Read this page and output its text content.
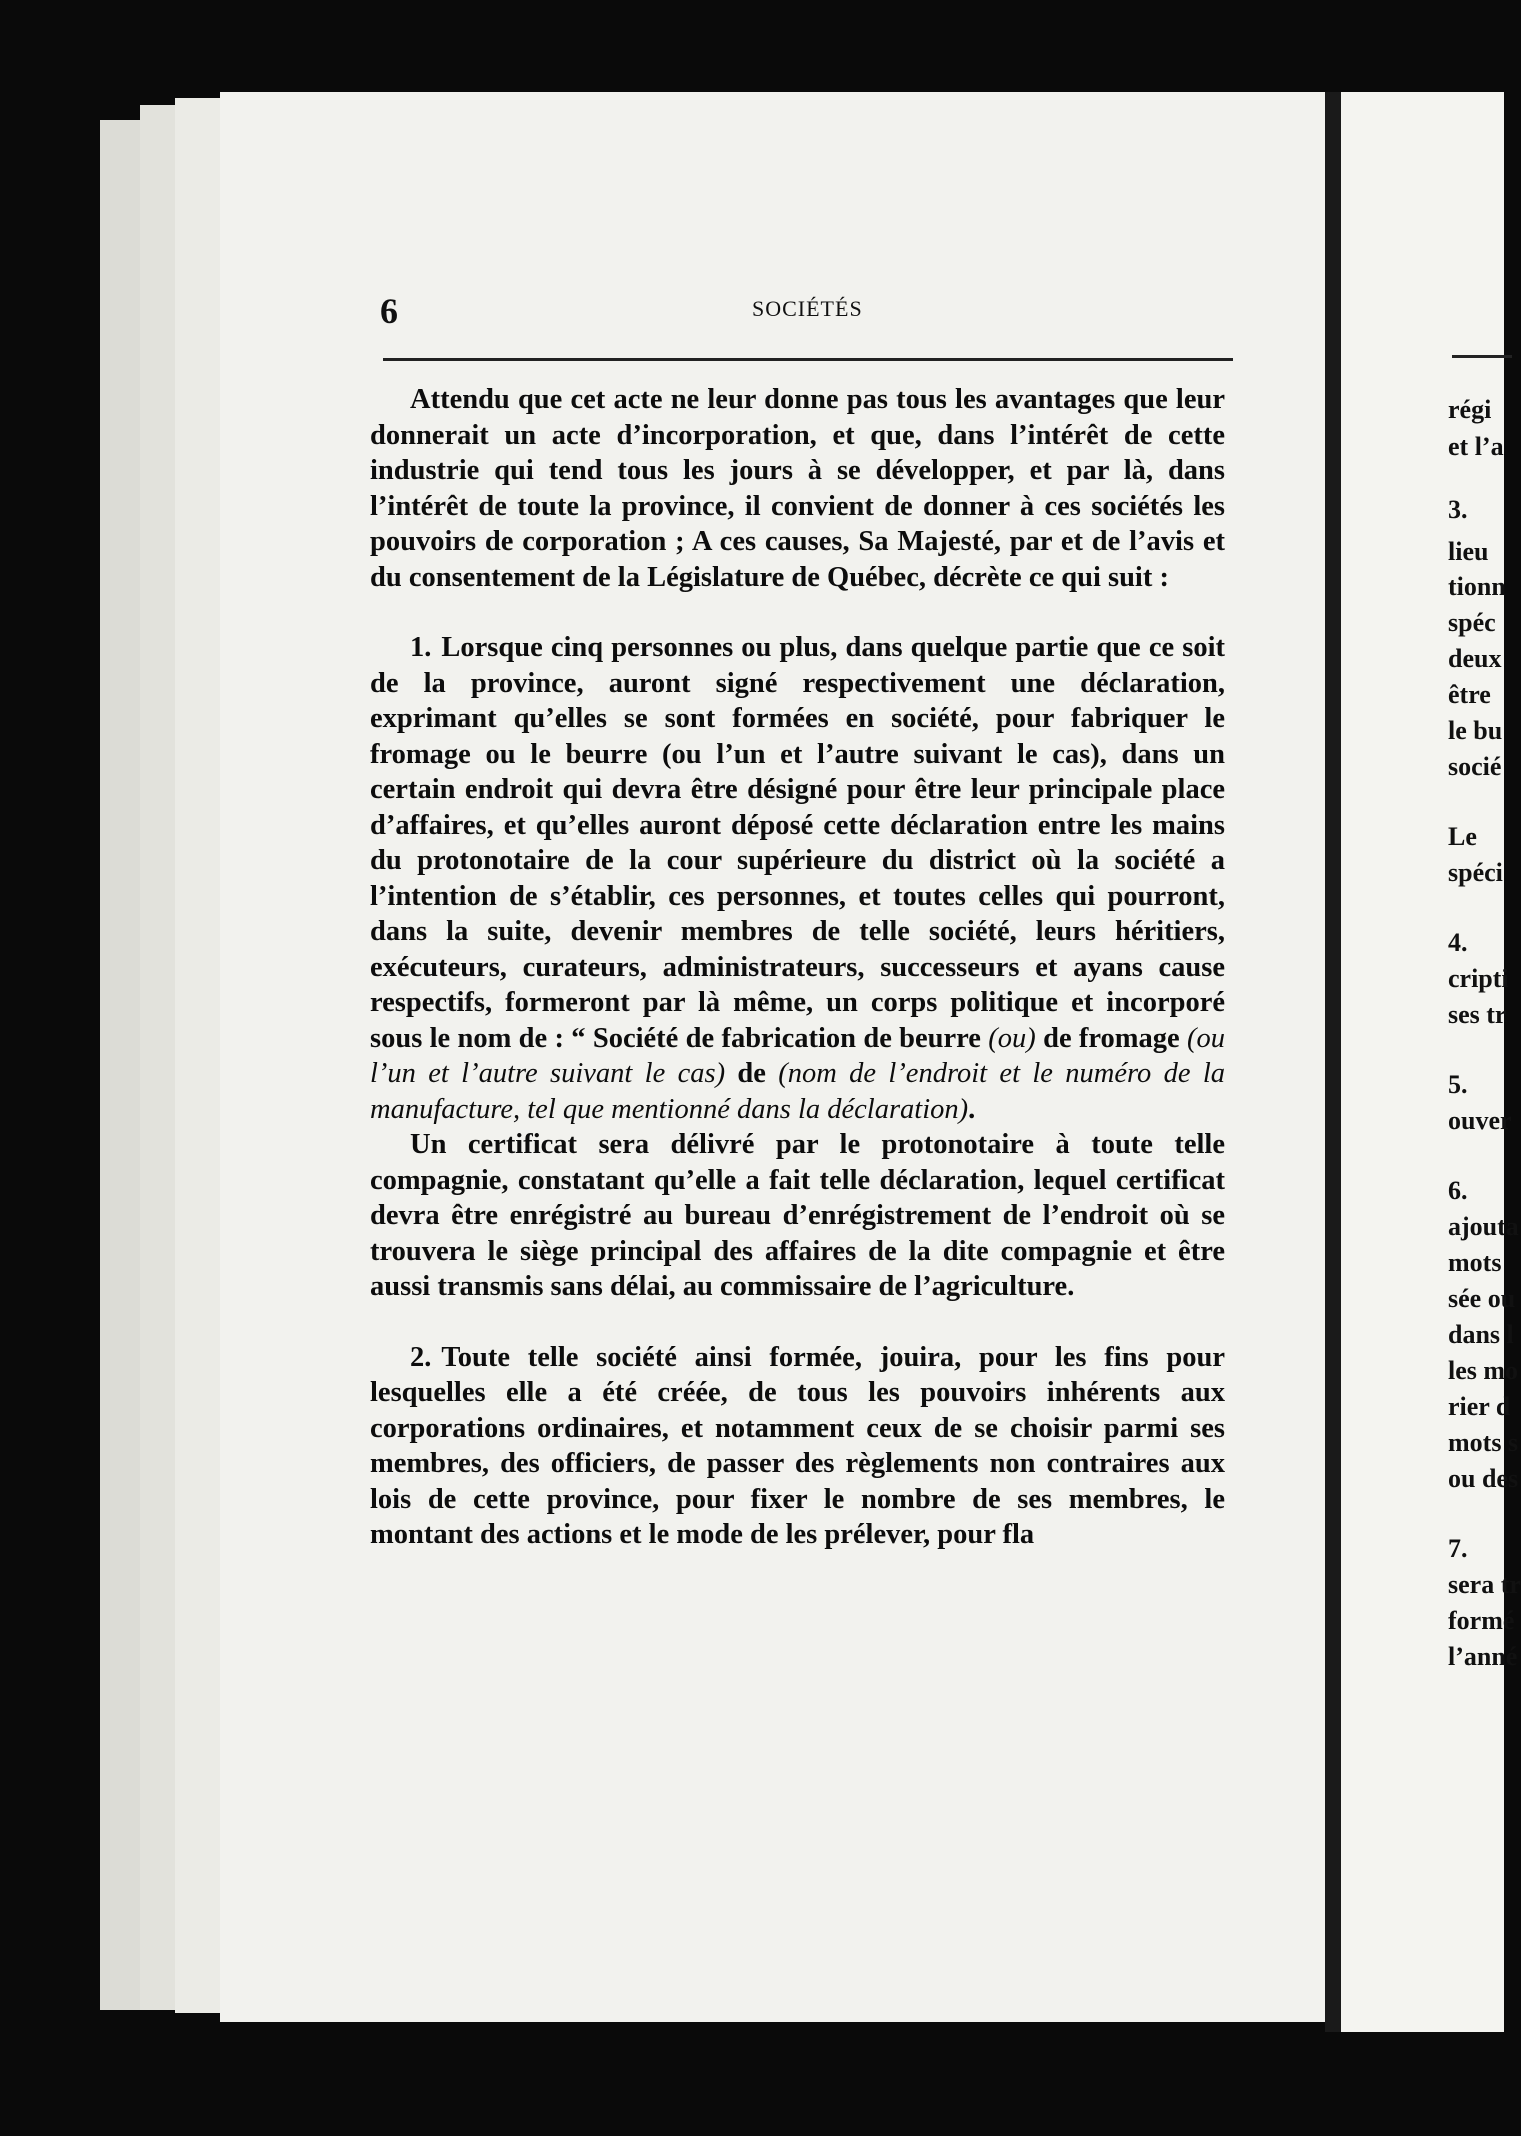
6	SOCIÉTÉS

Attendu que cet acte ne leur donne pas tous les avantages que leur donnerait un acte d’incorporation, et que, dans l’intérêt de cette industrie qui tend tous les jours à se développer, et par là, dans l’intérêt de toute la province, il convient de donner à ces sociétés les pouvoirs de corporation ; A ces causes, Sa Majesté, par et de l’avis et du consentement de la Législature de Québec, décrète ce qui suit :

1. Lorsque cinq personnes ou plus, dans quelque partie que ce soit de la province, auront signé respectivement une déclaration, exprimant qu’elles se sont formées en société, pour fabriquer le fromage ou le beurre (ou l’un et l’autre suivant le cas), dans un certain endroit qui devra être désigné pour être leur principale place d’affaires, et qu’elles auront déposé cette déclaration entre les mains du protonotaire de la cour supérieure du district où la société a l’intention de s’établir, ces personnes, et toutes celles qui pourront, dans la suite, devenir membres de telle société, leurs héritiers, exécuteurs, curateurs, administrateurs, successeurs et ayans cause respectifs, formeront par là même, un corps politique et incorporé sous le nom de : “ Société de fabrication de beurre (ou) de fromage (ou l’un et l’autre suivant le cas) de (nom de l’endroit et le numéro de la manufacture, tel que mentionné dans la déclaration).

Un certificat sera délivré par le protonotaire à toute telle compagnie, constatant qu’elle a fait telle déclaration, lequel certificat devra être enrégistré au bureau d’enrégistrement de l’endroit où se trouvera le siège principal des affaires de la dite compagnie et être aussi transmis sans délai, au commissaire de l’agriculture.

2. Toute telle société ainsi formée, jouira, pour les fins pour lesquelles elle a été créée, de tous les pouvoirs inhérents aux corporations ordinaires, et notamment ceux de se choisir parmi ses membres, des officiers, de passer des règlements non contraires aux lois de cette province, pour fixer le nombre de ses membres, le montant des actions et le mode de les prélever, pour fla

régi
et l’a
3.
lieu
tionn
spéc
deux
être
le bu
socié
Le
spéci
4.
cripti
ses tr
5.
ouver
6.
ajouta
mots
sée ou
dans l
les mo
rier d
mots s
ou des
7.
sera tr
formé
l’anné
